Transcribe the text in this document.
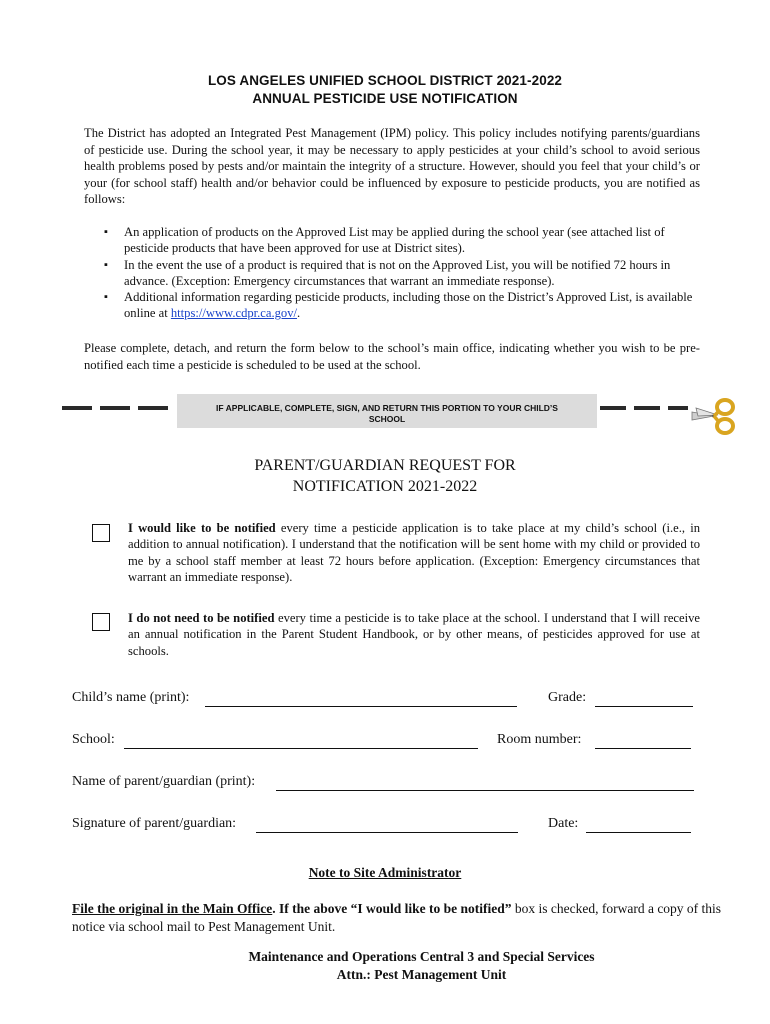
LOS ANGELES UNIFIED SCHOOL DISTRICT 2021-2022
ANNUAL PESTICIDE USE NOTIFICATION
The District has adopted an Integrated Pest Management (IPM) policy. This policy includes notifying parents/guardians of pesticide use. During the school year, it may be necessary to apply pesticides at your child’s school to avoid serious health problems posed by pests and/or maintain the integrity of a structure. However, should you feel that your child’s or your (for school staff) health and/or behavior could be influenced by exposure to pesticide products, you are notified as follows:
▪ An application of products on the Approved List may be applied during the school year (see attached list of pesticide products that have been approved for use at District sites).
▪ In the event the use of a product is required that is not on the Approved List, you will be notified 72 hours in advance. (Exception: Emergency circumstances that warrant an immediate response).
▪ Additional information regarding pesticide products, including those on the District’s Approved List, is available online at https://www.cdpr.ca.gov/.
Please complete, detach, and return the form below to the school’s main office, indicating whether you wish to be pre-notified each time a pesticide is scheduled to be used at the school.
IF APPLICABLE, COMPLETE, SIGN, AND RETURN THIS PORTION TO YOUR CHILD’S
SCHOOL
PARENT/GUARDIAN REQUEST FOR
NOTIFICATION 2021-2022
I would like to be notified every time a pesticide application is to take place at my child’s school (i.e., in addition to annual notification). I understand that the notification will be sent home with my child or provided to me by a school staff member at least 72 hours before application. (Exception: Emergency circumstances that warrant an immediate response).
I do not need to be notified every time a pesticide is to take place at the school. I understand that I will receive an annual notification in the Parent Student Handbook, or by other means, of pesticides approved for use at schools.
Child’s name (print):	Grade:
School:	Room number:
Name of parent/guardian (print):
Signature of parent/guardian:	Date:
Note to Site Administrator
File the original in the Main Office. If the above “I would like to be notified” box is checked, forward a copy of this notice via school mail to Pest Management Unit.
Maintenance and Operations Central 3 and Special Services
Attn.: Pest Management Unit
